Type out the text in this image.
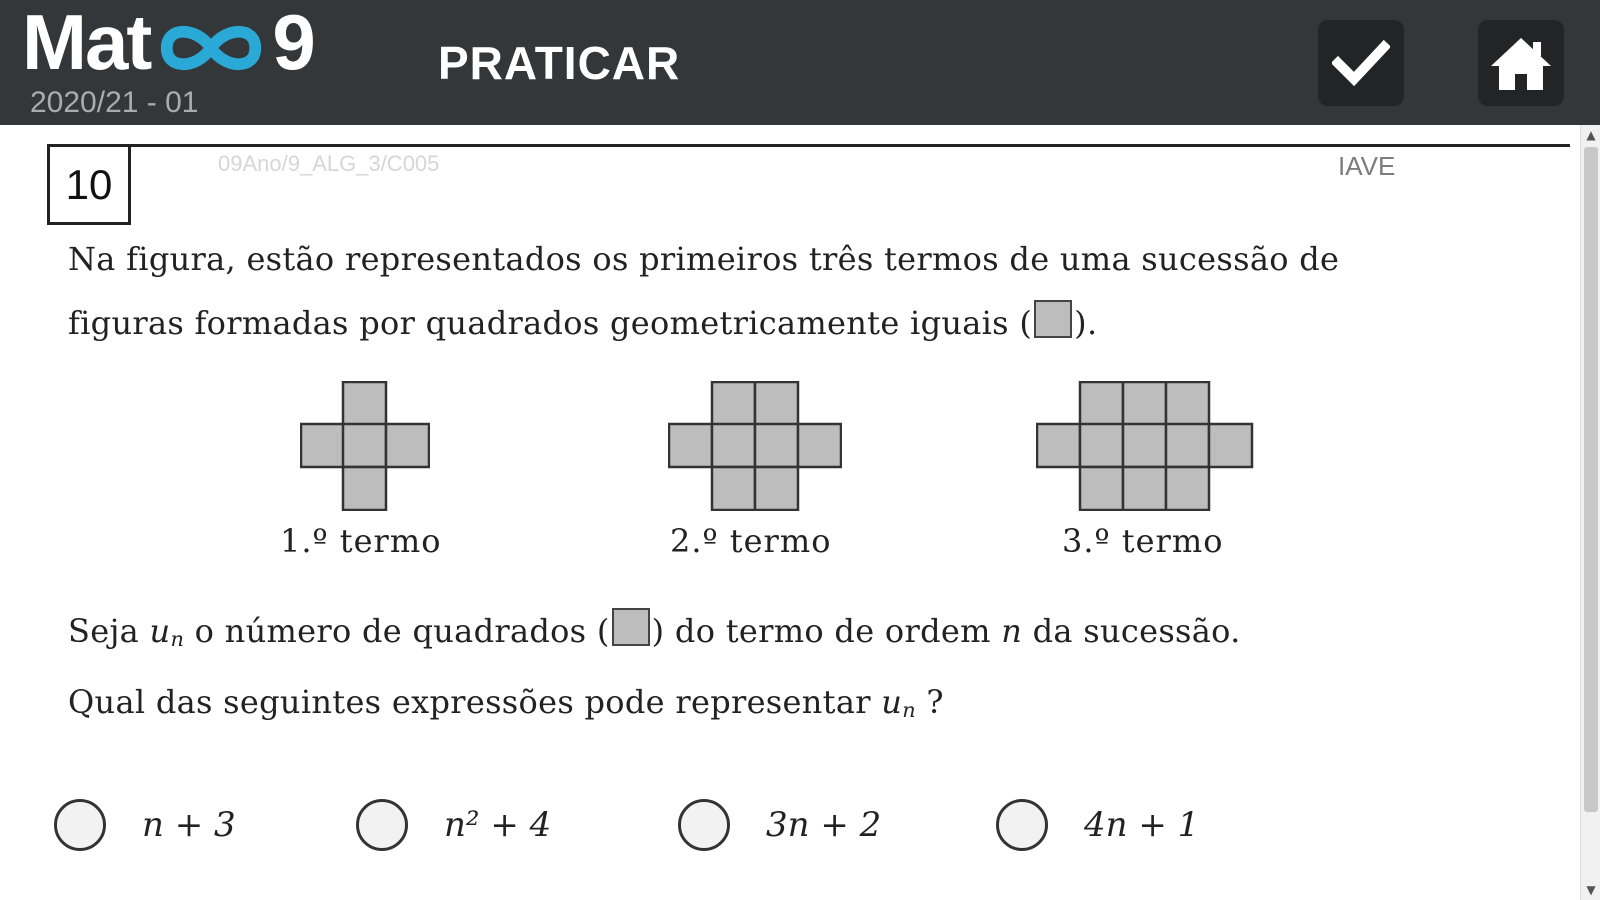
Mat 9
2020/21 - 01
PRATICAR
10	09Ano/9_ALG_3/C005	IAVE
Na figura, estão representados os primeiros três termos de uma sucessão de
figuras formadas por quadrados geometricamente iguais ( ).
1.º termo	2.º termo	3.º termo
Seja $u_n$ o número de quadrados ( ) do termo de ordem n da sucessão.
Qual das seguintes expressões pode representar $u_n$ ?
n + 3	n² + 4	3n + 2	4n + 1
▲
▼
